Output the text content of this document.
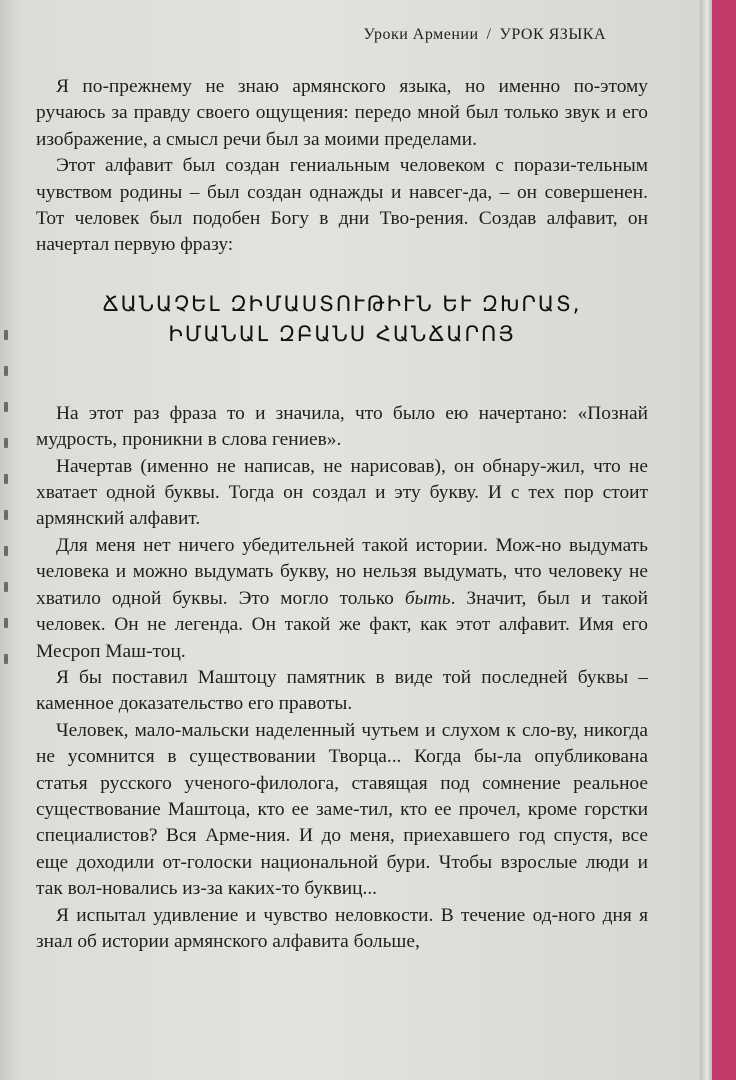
Уроки Армении / УРОК ЯЗЫКА

Я по-прежнему не знаю армянского языка, но именно по-этому ручаюсь за правду своего ощущения: передо мной был только звук и его изображение, а смысл речи был за моими пределами.

Этот алфавит был создан гениальным человеком с порази-тельным чувством родины – был создан однажды и навсег-да, – он совершенен. Тот человек был подобен Богу в дни Тво-рения. Создав алфавит, он начертал первую фразу:

ՃԱՆԱՉԵԼ ԶԻՄԱՍՏՈՒԹԻՒՆ ԵՒ ԶԽՐԱՏ,
ԻՄԱՆԱԼ ԶԲԱՆՍ ՀԱՆՃԱՐՈՅ

На этот раз фраза то и значила, что было ею начертано: «Познай мудрость, проникни в слова гениев».

Начертав (именно не написав, не нарисовав), он обнару-жил, что не хватает одной буквы. Тогда он создал и эту букву. И с тех пор стоит армянский алфавит.

Для меня нет ничего убедительней такой истории. Мож-но выдумать человека и можно выдумать букву, но нельзя выдумать, что человеку не хватило одной буквы. Это могло только быть. Значит, был и такой человек. Он не легенда. Он такой же факт, как этот алфавит. Имя его Месроп Маш-тоц.

Я бы поставил Маштоцу памятник в виде той последней буквы – каменное доказательство его правоты.

Человек, мало-мальски наделенный чутьем и слухом к сло-ву, никогда не усомнится в существовании Творца... Когда бы-ла опубликована статья русского ученого-филолога, ставящая под сомнение реальное существование Маштоца, кто ее заме-тил, кто ее прочел, кроме горстки специалистов? Вся Арме-ния. И до меня, приехавшего год спустя, все еще доходили от-голоски национальной бури. Чтобы взрослые люди и так вол-новались из-за каких-то буквиц...

Я испытал удивление и чувство неловкости. В течение од-ного дня я знал об истории армянского алфавита больше,
